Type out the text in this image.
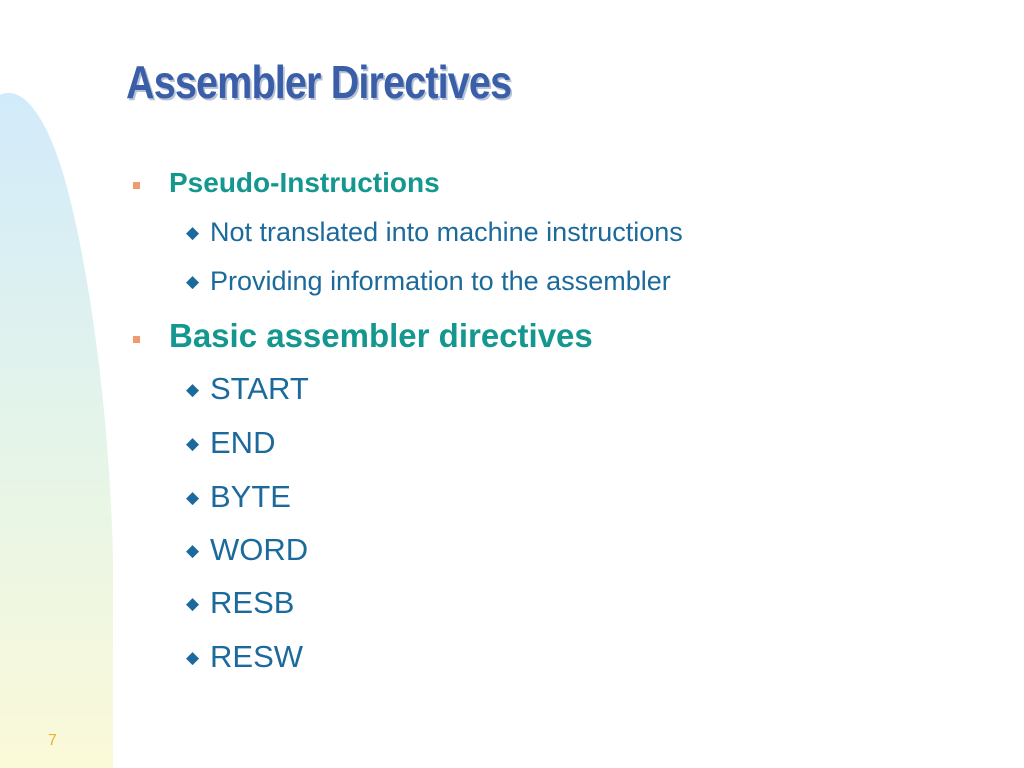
Assembler Directives
Pseudo-Instructions
◆ Not translated into machine instructions
◆ Providing information to the assembler
Basic assembler directives
◆ START
◆ END
◆ BYTE
◆ WORD
◆ RESB
◆ RESW
7
